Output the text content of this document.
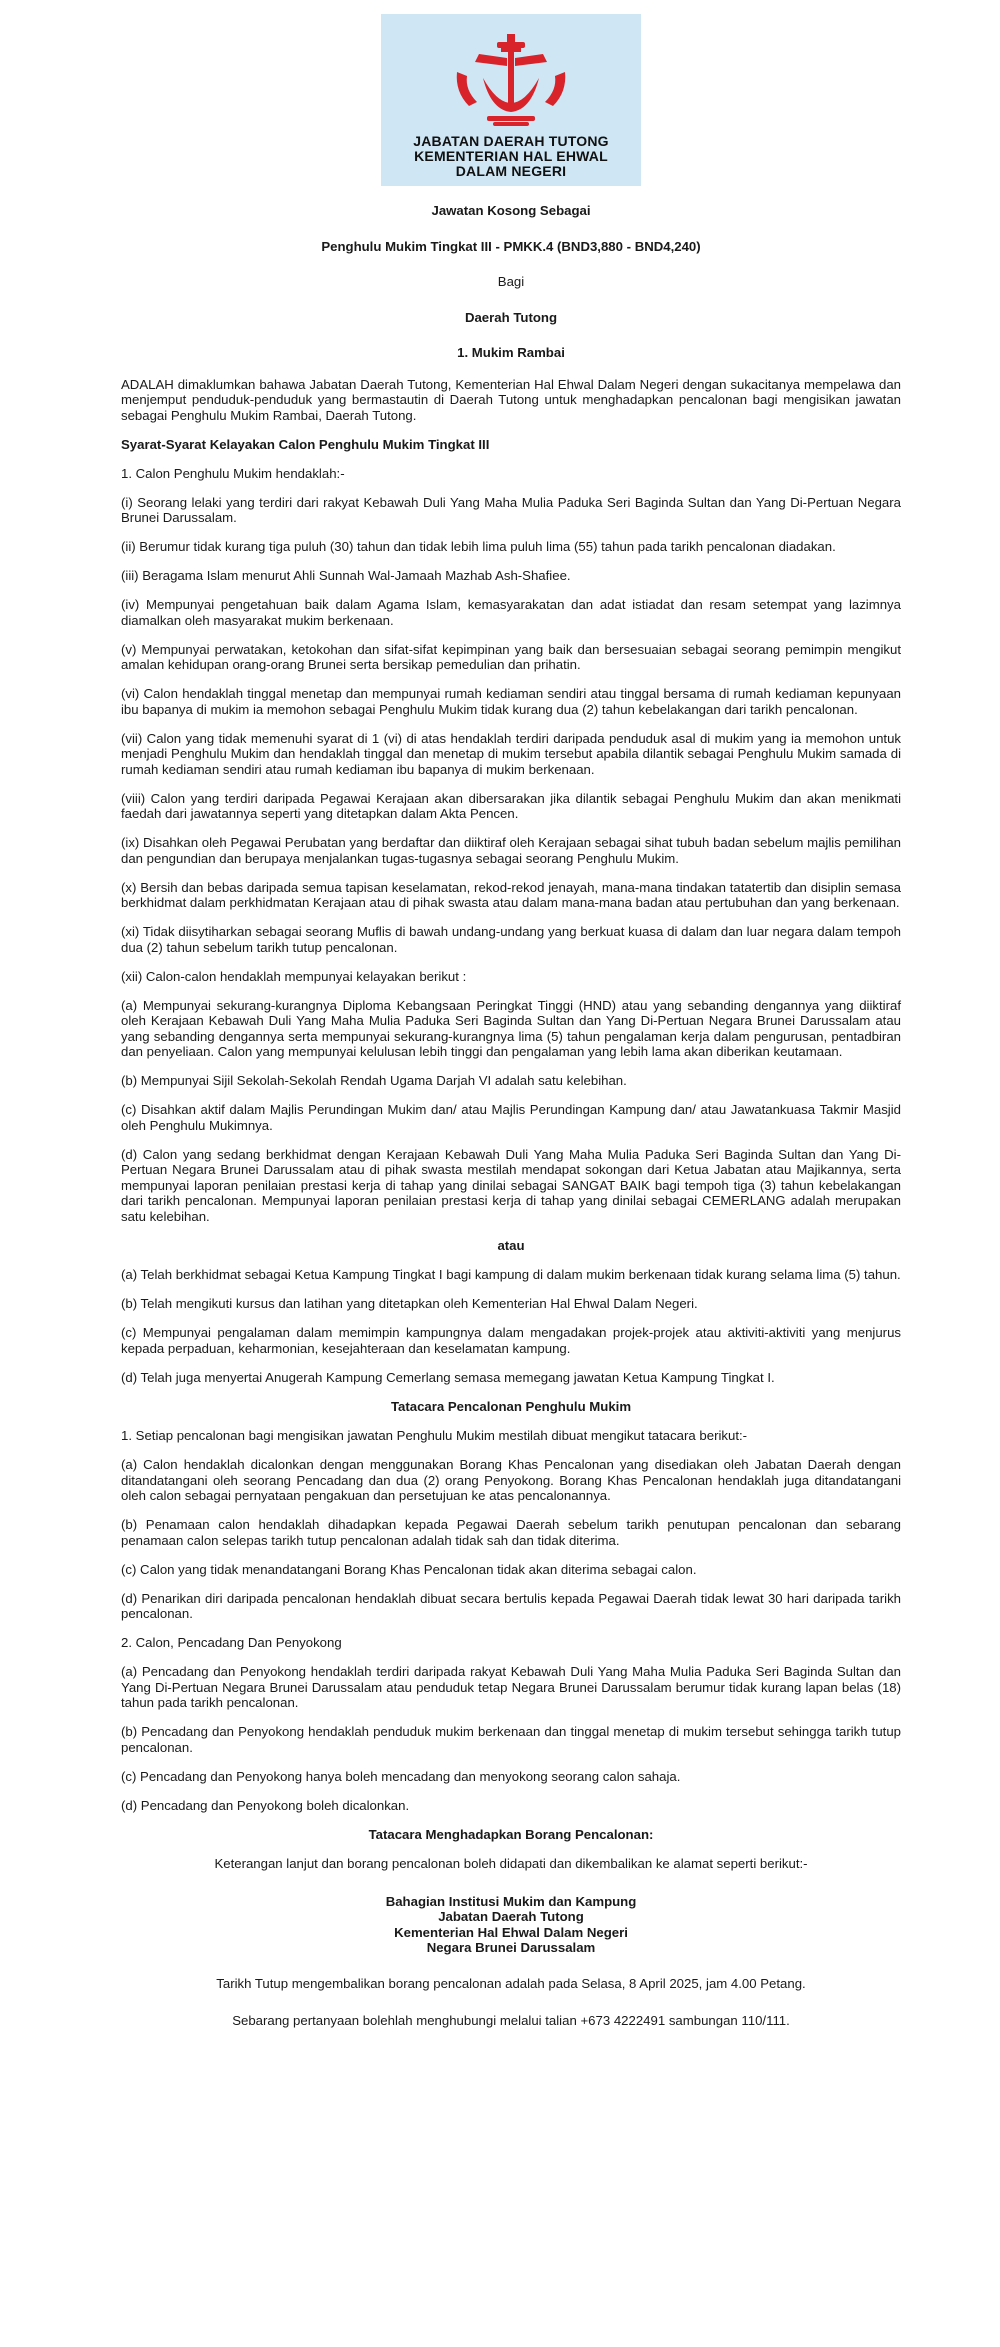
JABATAN DAERAH TUTONG
KEMENTERIAN HAL EHWAL
DALAM NEGERI
Jawatan Kosong Sebagai
Penghulu Mukim Tingkat III - PMKK.4 (BND3,880 - BND4,240)
Bagi
Daerah Tutong
1. Mukim Rambai

ADALAH dimaklumkan bahawa Jabatan Daerah Tutong, Kementerian Hal Ehwal Dalam Negeri dengan sukacitanya mempelawa dan menjemput penduduk-penduduk yang bermastautin di Daerah Tutong untuk menghadapkan pencalonan bagi mengisikan jawatan sebagai Penghulu Mukim Rambai, Daerah Tutong.

Syarat-Syarat Kelayakan Calon Penghulu Mukim Tingkat III

1. Calon Penghulu Mukim hendaklah:-

(i) Seorang lelaki yang terdiri dari rakyat Kebawah Duli Yang Maha Mulia Paduka Seri Baginda Sultan dan Yang Di-Pertuan Negara Brunei Darussalam.

(ii) Berumur tidak kurang tiga puluh (30) tahun dan tidak lebih lima puluh lima (55) tahun pada tarikh pencalonan diadakan.

(iii) Beragama Islam menurut Ahli Sunnah Wal-Jamaah Mazhab Ash-Shafiee.

(iv) Mempunyai pengetahuan baik dalam Agama Islam, kemasyarakatan dan adat istiadat dan resam setempat yang lazimnya diamalkan oleh masyarakat mukim berkenaan.

(v) Mempunyai perwatakan, ketokohan dan sifat-sifat kepimpinan yang baik dan bersesuaian sebagai seorang pemimpin mengikut amalan kehidupan orang-orang Brunei serta bersikap pemedulian dan prihatin.

(vi) Calon hendaklah tinggal menetap dan mempunyai rumah kediaman sendiri atau tinggal bersama di rumah kediaman kepunyaan ibu bapanya di mukim ia memohon sebagai Penghulu Mukim tidak kurang dua (2) tahun kebelakangan dari tarikh pencalonan.

(vii) Calon yang tidak memenuhi syarat di 1 (vi) di atas hendaklah terdiri daripada penduduk asal di mukim yang ia memohon untuk menjadi Penghulu Mukim dan hendaklah tinggal dan menetap di mukim tersebut apabila dilantik sebagai Penghulu Mukim samada di rumah kediaman sendiri atau rumah kediaman ibu bapanya di mukim berkenaan.

(viii) Calon yang terdiri daripada Pegawai Kerajaan akan dibersarakan jika dilantik sebagai Penghulu Mukim dan akan menikmati faedah dari jawatannya seperti yang ditetapkan dalam Akta Pencen.

(ix) Disahkan oleh Pegawai Perubatan yang berdaftar dan diiktiraf oleh Kerajaan sebagai sihat tubuh badan sebelum majlis pemilihan dan pengundian dan berupaya menjalankan tugas-tugasnya sebagai seorang Penghulu Mukim.

(x) Bersih dan bebas daripada semua tapisan keselamatan, rekod-rekod jenayah, mana-mana tindakan tatatertib dan disiplin semasa berkhidmat dalam perkhidmatan Kerajaan atau di pihak swasta atau dalam mana-mana badan atau pertubuhan dan yang berkenaan.

(xi) Tidak diisytiharkan sebagai seorang Muflis di bawah undang-undang yang berkuat kuasa di dalam dan luar negara dalam tempoh dua (2) tahun sebelum tarikh tutup pencalonan.

(xii) Calon-calon hendaklah mempunyai kelayakan berikut :

(a) Mempunyai sekurang-kurangnya Diploma Kebangsaan Peringkat Tinggi (HND) atau yang sebanding dengannya yang diiktiraf oleh Kerajaan Kebawah Duli Yang Maha Mulia Paduka Seri Baginda Sultan dan Yang Di-Pertuan Negara Brunei Darussalam atau yang sebanding dengannya serta mempunyai sekurang-kurangnya lima (5) tahun pengalaman kerja dalam pengurusan, pentadbiran dan penyeliaan. Calon yang mempunyai kelulusan lebih tinggi dan pengalaman yang lebih lama akan diberikan keutamaan.

(b) Mempunyai Sijil Sekolah-Sekolah Rendah Ugama Darjah VI adalah satu kelebihan.

(c) Disahkan aktif dalam Majlis Perundingan Mukim dan/ atau Majlis Perundingan Kampung dan/ atau Jawatankuasa Takmir Masjid oleh Penghulu Mukimnya.

(d) Calon yang sedang berkhidmat dengan Kerajaan Kebawah Duli Yang Maha Mulia Paduka Seri Baginda Sultan dan Yang Di-Pertuan Negara Brunei Darussalam atau di pihak swasta mestilah mendapat sokongan dari Ketua Jabatan atau Majikannya, serta mempunyai laporan penilaian prestasi kerja di tahap yang dinilai sebagai SANGAT BAIK bagi tempoh tiga (3) tahun kebelakangan dari tarikh pencalonan. Mempunyai laporan penilaian prestasi kerja di tahap yang dinilai sebagai CEMERLANG adalah merupakan satu kelebihan.

atau

(a) Telah berkhidmat sebagai Ketua Kampung Tingkat I bagi kampung di dalam mukim berkenaan tidak kurang selama lima (5) tahun.

(b) Telah mengikuti kursus dan latihan yang ditetapkan oleh Kementerian Hal Ehwal Dalam Negeri.

(c) Mempunyai pengalaman dalam memimpin kampungnya dalam mengadakan projek-projek atau aktiviti-aktiviti yang menjurus kepada perpaduan, keharmonian, kesejahteraan dan keselamatan kampung.

(d) Telah juga menyertai Anugerah Kampung Cemerlang semasa memegang jawatan Ketua Kampung Tingkat I.

Tatacara Pencalonan Penghulu Mukim

1. Setiap pencalonan bagi mengisikan jawatan Penghulu Mukim mestilah dibuat mengikut tatacara berikut:-

(a) Calon hendaklah dicalonkan dengan menggunakan Borang Khas Pencalonan yang disediakan oleh Jabatan Daerah dengan ditandatangani oleh seorang Pencadang dan dua (2) orang Penyokong. Borang Khas Pencalonan hendaklah juga ditandatangani oleh calon sebagai pernyataan pengakuan dan persetujuan ke atas pencalonannya.

(b) Penamaan calon hendaklah dihadapkan kepada Pegawai Daerah sebelum tarikh penutupan pencalonan dan sebarang penamaan calon selepas tarikh tutup pencalonan adalah tidak sah dan tidak diterima.

(c) Calon yang tidak menandatangani Borang Khas Pencalonan tidak akan diterima sebagai calon.

(d) Penarikan diri daripada pencalonan hendaklah dibuat secara bertulis kepada Pegawai Daerah tidak lewat 30 hari daripada tarikh pencalonan.

2. Calon, Pencadang Dan Penyokong

(a) Pencadang dan Penyokong hendaklah terdiri daripada rakyat Kebawah Duli Yang Maha Mulia Paduka Seri Baginda Sultan dan Yang Di-Pertuan Negara Brunei Darussalam atau penduduk tetap Negara Brunei Darussalam berumur tidak kurang lapan belas (18) tahun pada tarikh pencalonan.

(b) Pencadang dan Penyokong hendaklah penduduk mukim berkenaan dan tinggal menetap di mukim tersebut sehingga tarikh tutup pencalonan.

(c) Pencadang dan Penyokong hanya boleh mencadang dan menyokong seorang calon sahaja.

(d) Pencadang dan Penyokong boleh dicalonkan.

Tatacara Menghadapkan Borang Pencalonan:
Keterangan lanjut dan borang pencalonan boleh didapati dan dikembalikan ke alamat seperti berikut:-
Bahagian Institusi Mukim dan Kampung
Jabatan Daerah Tutong
Kementerian Hal Ehwal Dalam Negeri
Negara Brunei Darussalam
Tarikh Tutup mengembalikan borang pencalonan adalah pada Selasa, 8 April 2025, jam 4.00 Petang.
Sebarang pertanyaan bolehlah menghubungi melalui talian +673 4222491 sambungan 110/111.
